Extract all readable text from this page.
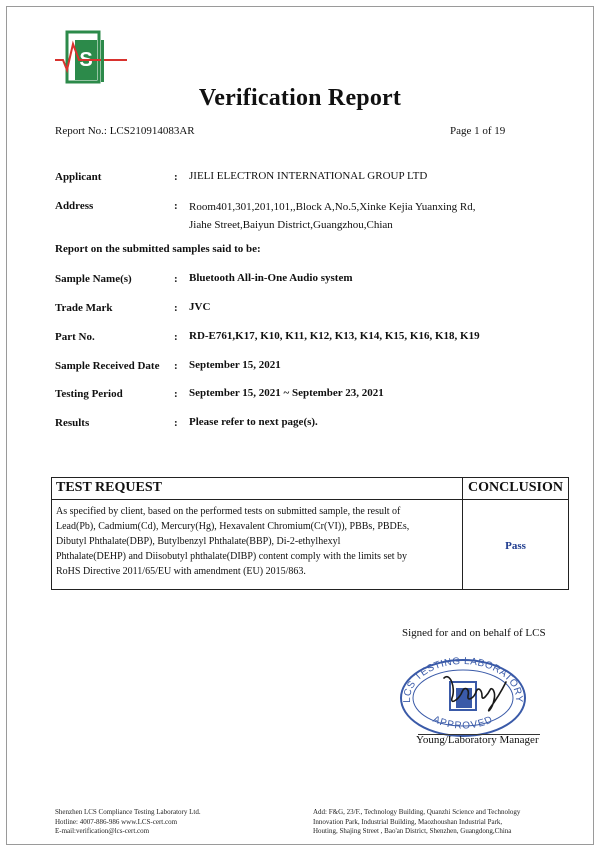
S
Verification Report
Report No.: LCS210914083AR	Page 1 of 19
Applicant	: JIELI ELECTRON INTERNATIONAL GROUP LTD
Address	: Room401,301,201,101,,Block A,No.5,Xinke Kejia Yuanxing Rd,
Jiahe Street,Baiyun District,Guangzhou,Chian
Report on the submitted samples said to be:
Sample Name(s)	: Bluetooth All-in-One Audio system
Trade Mark	: JVC
Part No.	: RD-E761,K17, K10, K11, K12, K13, K14, K15, K16, K18, K19
Sample Received Date : September 15, 2021
Testing Period	: September 15, 2021 ~ September 23, 2021
Results	: Please refer to next page(s).
TEST REQUEST	CONCLUSION
As specified by client, based on the performed tests on submitted sample, the result of
Lead(Pb), Cadmium(Cd), Mercury(Hg), Hexavalent Chromium(Cr(VI)), PBBs, PBDEs,
Dibutyl Phthalate(DBP), Butylbenzyl Phthalate(BBP), Di-2-ethylhexyl
Phthalate(DEHP) and Diisobutyl phthalate(DIBP) content comply with the limits set by
RoHS Directive 2011/65/EU with amendment (EU) 2015/863.
Pass
Signed for and on behalf of LCS
LCS TESTING LABORATORY
APPROVED
Young/Laboratory Manager
Shenzhen LCS Compliance Testing Laboratory Ltd.
Hotline: 4007-886-986 www.LCS-cert.com
E-mail:verification@lcs-cert.com
Add: F&G, 23/F., Technology Building, Quanzhi Science and Technology
Innovation Park, Industrial Building, Maozhoushan Industrial Park,
Houting, Shajing Street , Bao'an District, Shenzhen, Guangdong,China
